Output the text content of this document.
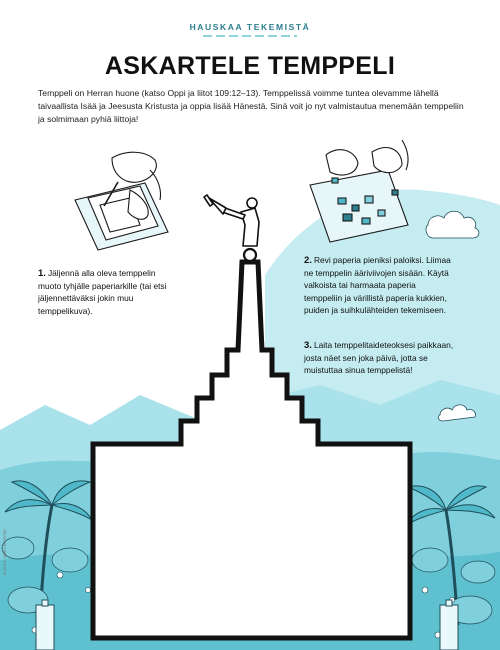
HAUSKAA TEKEMISTÄ
ASKARTELE TEMPPELI
Temppeli on Herran huone (katso Oppi ja liitot 109:12–13). Temppelissä voimme tuntea olevamme lähellä taivaallista Isää ja Jeesusta Kristusta ja oppia lisää Hänestä. Sinä voit jo nyt valmistautua menemään temppeliin ja solmimaan pyhiä liittoja!
1. Jäljennä alla oleva temppelin muoto tyhjälle paperiarkille (tai etsi jäljennettäväksi jokin muu temppelikuva).
2. Revi paperia pieniksi paloiksi. Liimaa ne temppelin ääriviivojen sisään. Käytä valkoista tai harmaata paperia temppeliin ja värillistä paperia kukkien, puiden ja suihkulähteiden tekemiseen.
3. Laita temppelitaideteoksesi paikkaan, josta näet sen joka päivä, jotta se muistuttaa sinua temppelistä!
KUVITUS JAMES BEDFORD
